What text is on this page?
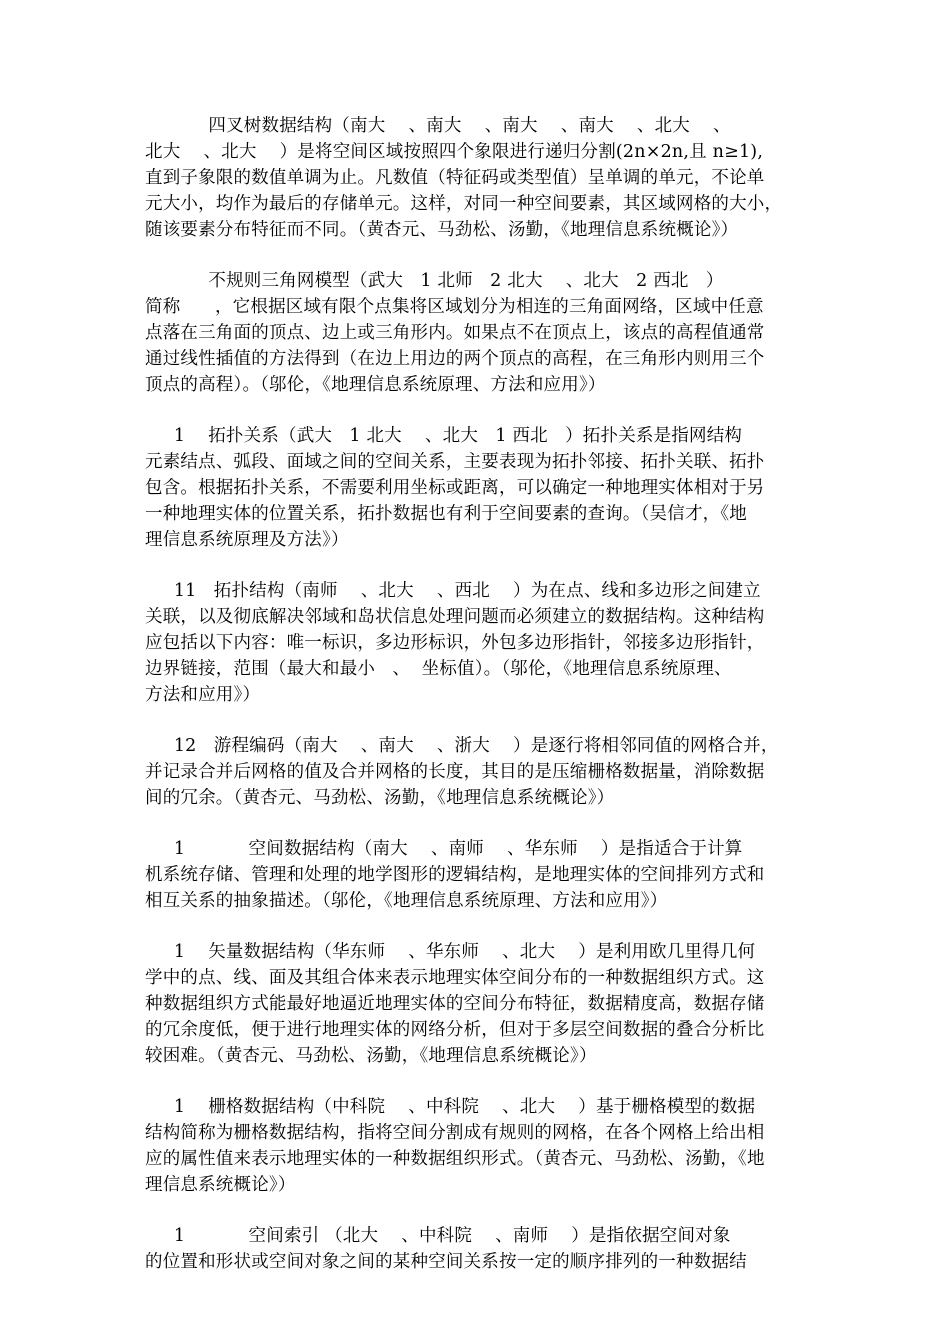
四叉树数据结构（南大    、南大    、南大    、南大    、北大    、
北大    、北大    ）是将空间区域按照四个象限进行递归分割(2n×2n,且 n≥1),
直到子象限的数值单调为止。凡数值（特征码或类型值）呈单调的单元，不论单
元大小，均作为最后的存储单元。这样，对同一种空间要素，其区域网格的大小，
随该要素分布特征而不同。（黄杏元、马劲松、汤勤，《地理信息系统概论》）
不规则三角网模型（武大   1 北师   2 北大    、北大   2 西北   ）
简称      ，它根据区域有限个点集将区域划分为相连的三角面网络，区域中任意
点落在三角面的顶点、边上或三角形内。如果点不在顶点上，该点的高程值通常
通过线性插值的方法得到（在边上用边的两个顶点的高程，在三角形内则用三个
顶点的高程）。（邬伦，《地理信息系统原理、方法和应用》）
1    拓扑关系（武大   1 北大    、北大   1 西北   ）拓扑关系是指网结构
元素结点、弧段、面域之间的空间关系，主要表现为拓扑邻接、拓扑关联、拓扑
包含。根据拓扑关系，不需要利用坐标或距离，可以确定一种地理实体相对于另
一种地理实体的位置关系，拓扑数据也有利于空间要素的查询。（吴信才，《地
理信息系统原理及方法》）
11   拓扑结构（南师    、北大    、西北    ）为在点、线和多边形之间建立
关联，以及彻底解决邻域和岛状信息处理问题而必须建立的数据结构。这种结构
应包括以下内容：唯一标识，多边形标识，外包多边形指针，邻接多边形指针，
边界链接，范围（最大和最小   、  坐标值）。（邬伦，《地理信息系统原理、
方法和应用》）
12   游程编码（南大    、南大    、浙大    ）是逐行将相邻同值的网格合并，
并记录合并后网格的值及合并网格的长度，其目的是压缩栅格数据量，消除数据
间的冗余。（黄杏元、马劲松、汤勤，《地理信息系统概论》）
1           空间数据结构（南大    、南师    、华东师    ）是指适合于计算
机系统存储、管理和处理的地学图形的逻辑结构，是地理实体的空间排列方式和
相互关系的抽象描述。（邬伦，《地理信息系统原理、方法和应用》）
1    矢量数据结构（华东师    、华东师    、北大    ）是利用欧几里得几何
学中的点、线、面及其组合体来表示地理实体空间分布的一种数据组织方式。这
种数据组织方式能最好地逼近地理实体的空间分布特征，数据精度高，数据存储
的冗余度低，便于进行地理实体的网络分析，但对于多层空间数据的叠合分析比
较困难。（黄杏元、马劲松、汤勤，《地理信息系统概论》）
1    栅格数据结构（中科院    、中科院    、北大    ）基于栅格模型的数据
结构简称为栅格数据结构，指将空间分割成有规则的网格，在各个网格上给出相
应的属性值来表示地理实体的一种数据组织形式。（黄杏元、马劲松、汤勤，《地
理信息系统概论》）
1           空间索引 （北大    、中科院    、南师    ）是指依据空间对象
的位置和形状或空间对象之间的某种空间关系按一定的顺序排列的一种数据结
